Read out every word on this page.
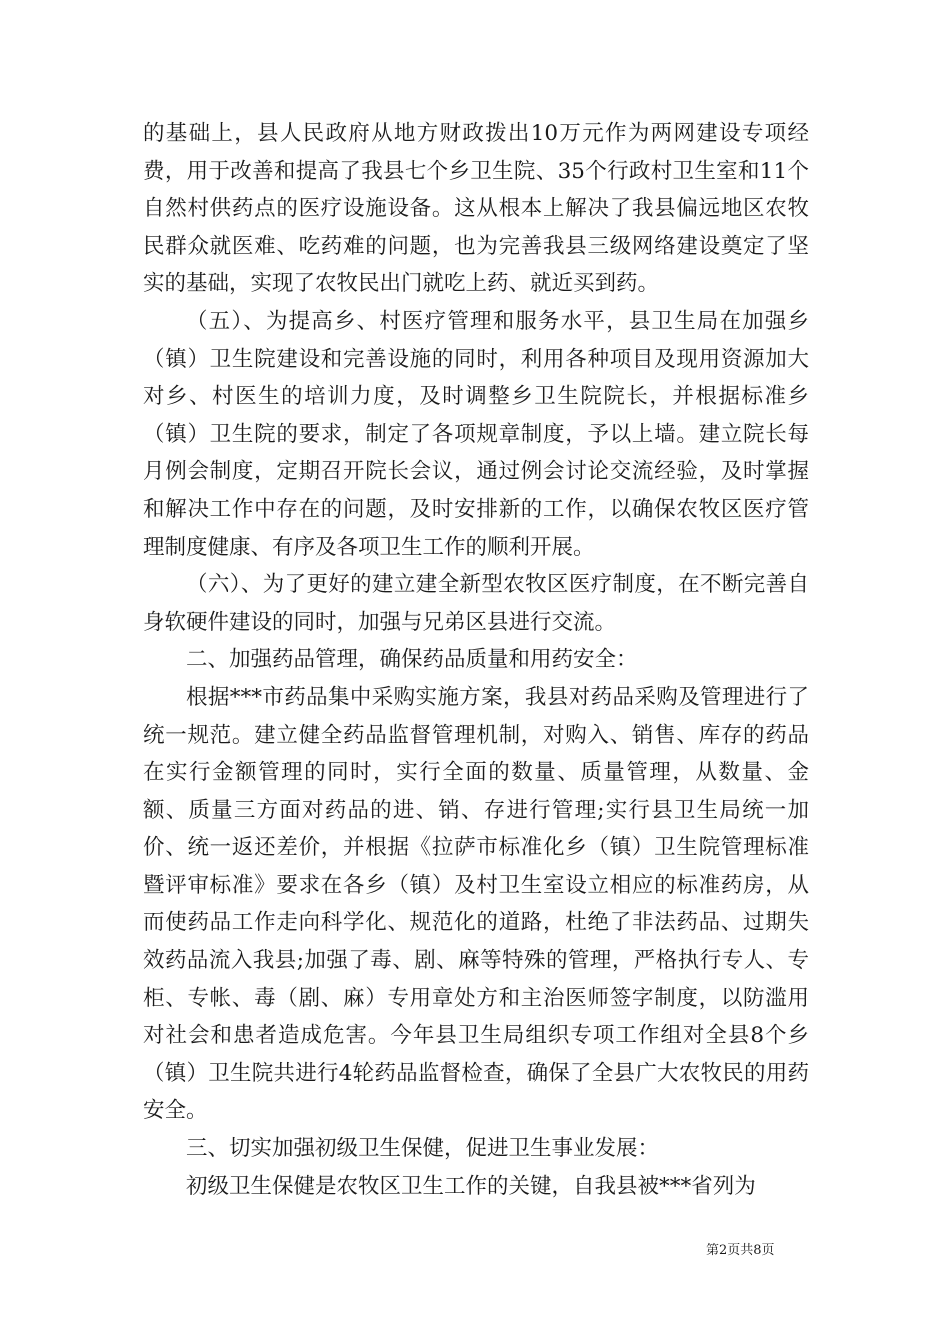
的基础上，县人民政府从地方财政拨出10万元作为两网建设专项经费，用于改善和提高了我县七个乡卫生院、35个行政村卫生室和11个自然村供药点的医疗设施设备。这从根本上解决了我县偏远地区农牧民群众就医难、吃药难的问题，也为完善我县三级网络建设奠定了坚实的基础，实现了农牧民出门就吃上药、就近买到药。

（五）、为提高乡、村医疗管理和服务水平，县卫生局在加强乡（镇）卫生院建设和完善设施的同时，利用各种项目及现用资源加大对乡、村医生的培训力度，及时调整乡卫生院院长，并根据标准乡（镇）卫生院的要求，制定了各项规章制度，予以上墙。建立院长每月例会制度，定期召开院长会议，通过例会讨论交流经验，及时掌握和解决工作中存在的问题，及时安排新的工作，以确保农牧区医疗管理制度健康、有序及各项卫生工作的顺利开展。

（六）、为了更好的建立建全新型农牧区医疗制度，在不断完善自身软硬件建设的同时，加强与兄弟区县进行交流。

二、加强药品管理，确保药品质量和用药安全：

根据***市药品集中采购实施方案，我县对药品采购及管理进行了统一规范。建立健全药品监督管理机制，对购入、销售、库存的药品在实行金额管理的同时，实行全面的数量、质量管理，从数量、金额、质量三方面对药品的进、销、存进行管理;实行县卫生局统一加价、统一返还差价，并根据《拉萨市标准化乡（镇）卫生院管理标准暨评审标准》要求在各乡（镇）及村卫生室设立相应的标准药房，从而使药品工作走向科学化、规范化的道路，杜绝了非法药品、过期失效药品流入我县;加强了毒、剧、麻等特殊的管理，严格执行专人、专柜、专帐、毒（剧、麻）专用章处方和主治医师签字制度，以防滥用对社会和患者造成危害。今年县卫生局组织专项工作组对全县8个乡（镇）卫生院共进行4轮药品监督检查，确保了全县广大农牧民的用药安全。

三、切实加强初级卫生保健，促进卫生事业发展：

初级卫生保健是农牧区卫生工作的关键，自我县被***省列为

第2页共8页
